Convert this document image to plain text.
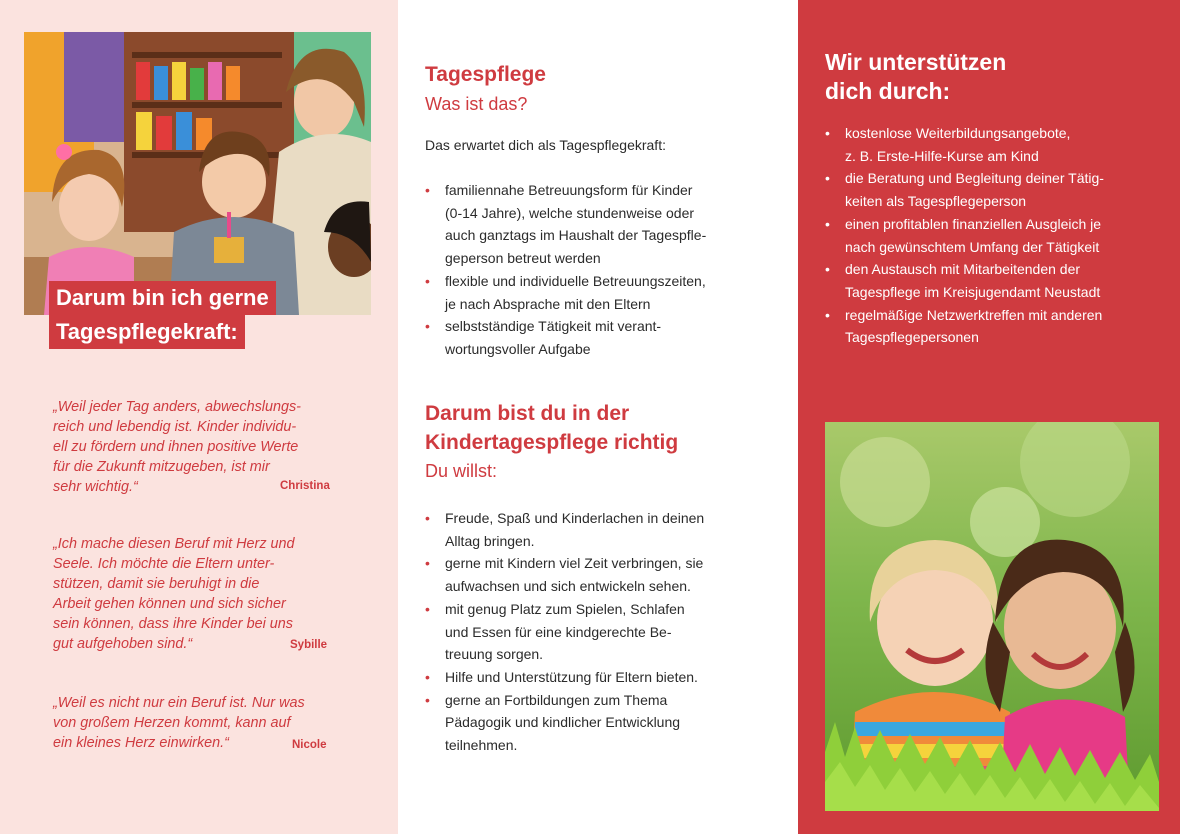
Darum bin ich gerne
Tagespflegekraft:
„Weil jeder Tag anders, abwechslungs-
reich und lebendig ist. Kinder individu-
ell zu fördern und ihnen positive Werte
für die Zukunft mitzugeben, ist mir
sehr wichtig.“	Christina
„Ich mache diesen Beruf mit Herz und
Seele. Ich möchte die Eltern unter-
stützen, damit sie beruhigt in die
Arbeit gehen können und sich sicher
sein können, dass ihre Kinder bei uns
gut aufgehoben sind.“	Sybille
„Weil es nicht nur ein Beruf ist. Nur was
von großem Herzen kommt, kann auf
ein kleines Herz einwirken.“	Nicole
Tagespflege
Was ist das?
Das erwartet dich als Tagespflegekraft:
• familiennahe Betreuungsform für Kinder
(0-14 Jahre), welche stundenweise oder
auch ganztags im Haushalt der Tagespfle-
geperson betreut werden
• flexible und individuelle Betreuungszeiten,
je nach Absprache mit den Eltern
• selbstständige Tätigkeit mit verant-
wortungsvoller Aufgabe
Darum bist du in der
Kindertagespflege richtig
Du willst:
• Freude, Spaß und Kinderlachen in deinen
Alltag bringen.
• gerne mit Kindern viel Zeit verbringen, sie
aufwachsen und sich entwickeln sehen.
• mit genug Platz zum Spielen, Schlafen
und Essen für eine kindgerechte Be-
treuung sorgen.
• Hilfe und Unterstützung für Eltern bieten.
• gerne an Fortbildungen zum Thema
Pädagogik und kindlicher Entwicklung
teilnehmen.
Wir unterstützen
dich durch:
• kostenlose Weiterbildungsangebote,
z. B. Erste-Hilfe-Kurse am Kind
• die Beratung und Begleitung deiner Tätig-
keiten als Tagespflegeperson
• einen profitablen finanziellen Ausgleich je
nach gewünschtem Umfang der Tätigkeit
• den Austausch mit Mitarbeitenden der
Tagespflege im Kreisjugendamt Neustadt
• regelmäßige Netzwerktreffen mit anderen
Tagespflegepersonen
